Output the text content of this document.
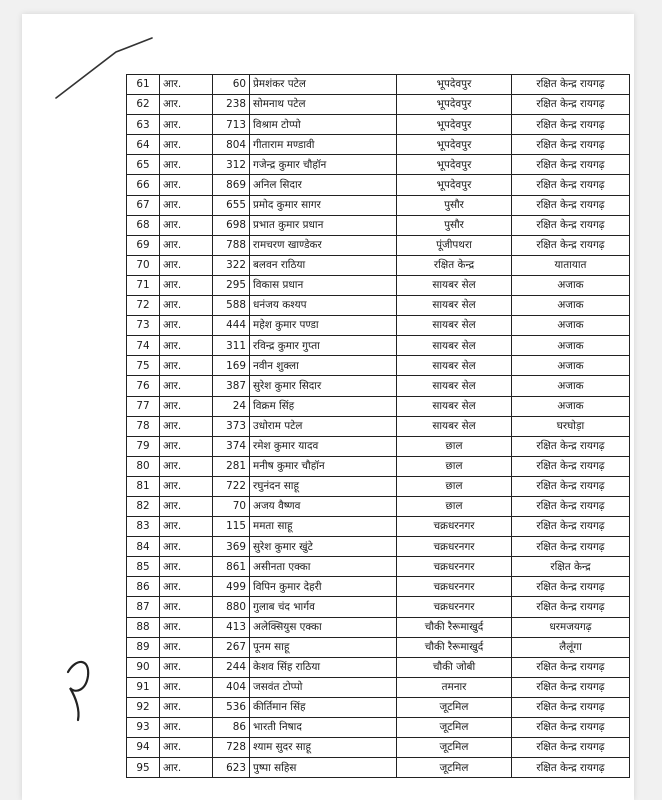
61	आर.	60	प्रेमशंकर पटेल	भूपदेवपुर	रक्षित केन्द्र रायगढ़
62	आर.	238	सोमनाथ पटेल	भूपदेवपुर	रक्षित केन्द्र रायगढ़
63	आर.	713	विश्राम टोप्पो	भूपदेवपुर	रक्षित केन्द्र रायगढ़
64	आर.	804	गीताराम मण्डावी	भूपदेवपुर	रक्षित केन्द्र रायगढ़
65	आर.	312	गजेन्द्र कुमार चौहॉन	भूपदेवपुर	रक्षित केन्द्र रायगढ़
66	आर.	869	अनिल सिदार	भूपदेवपुर	रक्षित केन्द्र रायगढ़
67	आर.	655	प्रमोद कुमार सागर	पुसौर	रक्षित केन्द्र रायगढ़
68	आर.	698	प्रभात कुमार प्रधान	पुसौर	रक्षित केन्द्र रायगढ़
69	आर.	788	रामचरण खाण्डेकर	पूंजीपथरा	रक्षित केन्द्र रायगढ़
70	आर.	322	बलवन राठिया	रक्षित केन्द्र	यातायात
71	आर.	295	विकास प्रधान	सायबर सेल	अजाक
72	आर.	588	धनंजय कश्यप	सायबर सेल	अजाक
73	आर.	444	महेश कुमार पण्डा	सायबर सेल	अजाक
74	आर.	311	रविन्द्र कुमार गुप्ता	सायबर सेल	अजाक
75	आर.	169	नवीन शुक्ला	सायबर सेल	अजाक
76	आर.	387	सुरेश कुमार सिदार	सायबर सेल	अजाक
77	आर.	24	विक्रम सिंह	सायबर सेल	अजाक
78	आर.	373	उधोराम पटेल	सायबर सेल	घरघोड़ा
79	आर.	374	रमेश कुमार यादव	छाल	रक्षित केन्द्र रायगढ़
80	आर.	281	मनीष कुमार चौहॉन	छाल	रक्षित केन्द्र रायगढ़
81	आर.	722	रघुनंदन साहू	छाल	रक्षित केन्द्र रायगढ़
82	आर.	70	अजय वैष्णव	छाल	रक्षित केन्द्र रायगढ़
83	आर.	115	ममता साहू	चक्रधरनगर	रक्षित केन्द्र रायगढ़
84	आर.	369	सुरेश कुमार खुंटे	चक्रधरनगर	रक्षित केन्द्र रायगढ़
85	आर.	861	असीनता एक्का	चक्रधरनगर	रक्षित केन्द्र
86	आर.	499	विपिन कुमार देहरी	चक्रधरनगर	रक्षित केन्द्र रायगढ़
87	आर.	880	गुलाब चंद भार्गव	चक्रधरनगर	रक्षित केन्द्र रायगढ़
88	आर.	413	अलेक्सियुस एक्का	चौकी रैरूमाखुर्द	धरमजयगढ़
89	आर.	267	पूनम साहू	चौकी रैरूमाखुर्द	लैलूंगा
90	आर.	244	केशव सिंह राठिया	चौकी जोबी	रक्षित केन्द्र रायगढ़
91	आर.	404	जसवंत टोप्पो	तमनार	रक्षित केन्द्र रायगढ़
92	आर.	536	कीर्तिमान सिंह	जूटमिल	रक्षित केन्द्र रायगढ़
93	आर.	86	भारती निषाद	जूटमिल	रक्षित केन्द्र रायगढ़
94	आर.	728	श्याम सुदर साहू	जूटमिल	रक्षित केन्द्र रायगढ़
95	आर.	623	पुष्पा सहिस	जूटमिल	रक्षित केन्द्र रायगढ़
